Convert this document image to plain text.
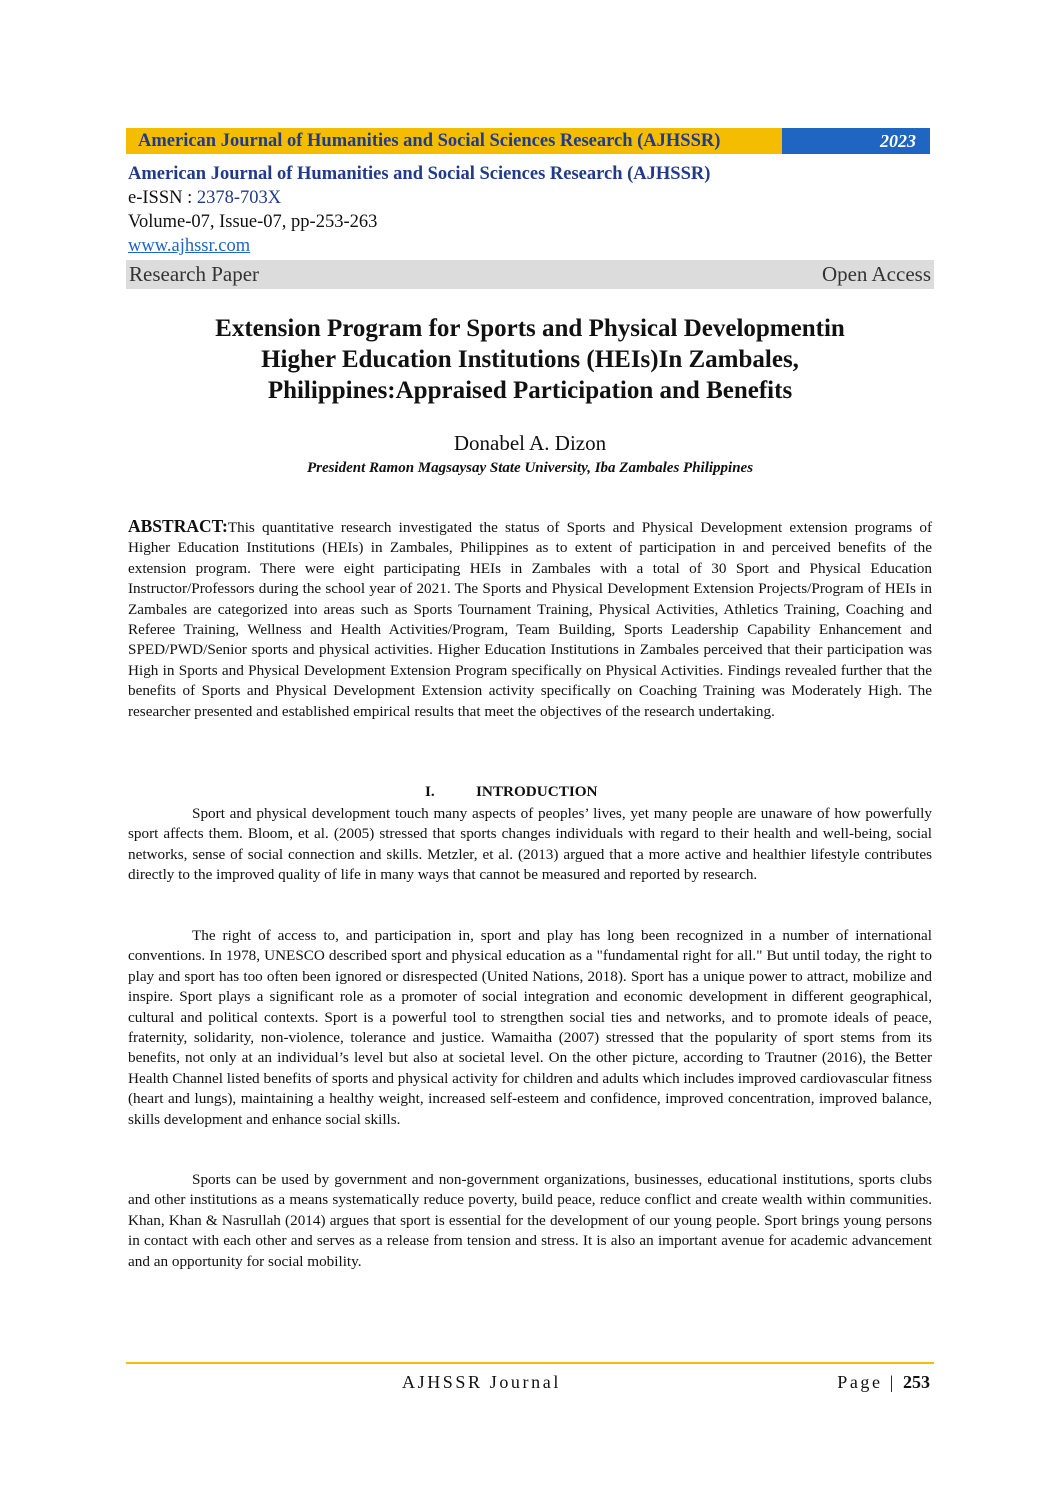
American Journal of Humanities and Social Sciences Research (AJHSSR)	2023
American Journal of Humanities and Social Sciences Research (AJHSSR)
e-ISSN : 2378-703X
Volume-07, Issue-07, pp-253-263
www.ajhssr.com
Research Paper	Open Access
Extension Program for Sports and Physical Developmentin
Higher Education Institutions (HEIs)In Zambales,
Philippines:Appraised Participation and Benefits
Donabel A. Dizon
President Ramon Magsaysay State University, Iba Zambales Philippines

ABSTRACT:This quantitative research investigated the status of Sports and Physical Development extension programs of Higher Education Institutions (HEIs) in Zambales, Philippines as to extent of participation in and perceived benefits of the extension program. There were eight participating HEIs in Zambales with a total of 30 Sport and Physical Education Instructor/Professors during the school year of 2021. The Sports and Physical Development Extension Projects/Program of HEIs in Zambales are categorized into areas such as Sports Tournament Training, Physical Activities, Athletics Training, Coaching and Referee Training, Wellness and Health Activities/Program, Team Building, Sports Leadership Capability Enhancement and SPED/PWD/Senior sports and physical activities. Higher Education Institutions in Zambales perceived that their participation was High in Sports and Physical Development Extension Program specifically on Physical Activities. Findings revealed further that the benefits of Sports and Physical Development Extension activity specifically on Coaching Training was Moderately High. The researcher presented and established empirical results that meet the objectives of the research undertaking.

I.	INTRODUCTION

Sport and physical development touch many aspects of peoples’ lives, yet many people are unaware of how powerfully sport affects them. Bloom, et al. (2005) stressed that sports changes individuals with regard to their health and well-being, social networks, sense of social connection and skills. Metzler, et al. (2013) argued that a more active and healthier lifestyle contributes directly to the improved quality of life in many ways that cannot be measured and reported by research.

The right of access to, and participation in, sport and play has long been recognized in a number of international conventions. In 1978, UNESCO described sport and physical education as a "fundamental right for all." But until today, the right to play and sport has too often been ignored or disrespected (United Nations, 2018). Sport has a unique power to attract, mobilize and inspire. Sport plays a significant role as a promoter of social integration and economic development in different geographical, cultural and political contexts. Sport is a powerful tool to strengthen social ties and networks, and to promote ideals of peace, fraternity, solidarity, non-violence, tolerance and justice. Wamaitha (2007) stressed that the popularity of sport stems from its benefits, not only at an individual’s level but also at societal level. On the other picture, according to Trautner (2016), the Better Health Channel listed benefits of sports and physical activity for children and adults which includes improved cardiovascular fitness (heart and lungs), maintaining a healthy weight, increased self-esteem and confidence, improved concentration, improved balance, skills development and enhance social skills.

Sports can be used by government and non-government organizations, businesses, educational institutions, sports clubs and other institutions as a means systematically reduce poverty, build peace, reduce conflict and create wealth within communities. Khan, Khan & Nasrullah (2014) argues that sport is essential for the development of our young people. Sport brings young persons in contact with each other and serves as a release from tension and stress. It is also an important avenue for academic advancement and an opportunity for social mobility.

AJHSSR Journal	Page | 253
